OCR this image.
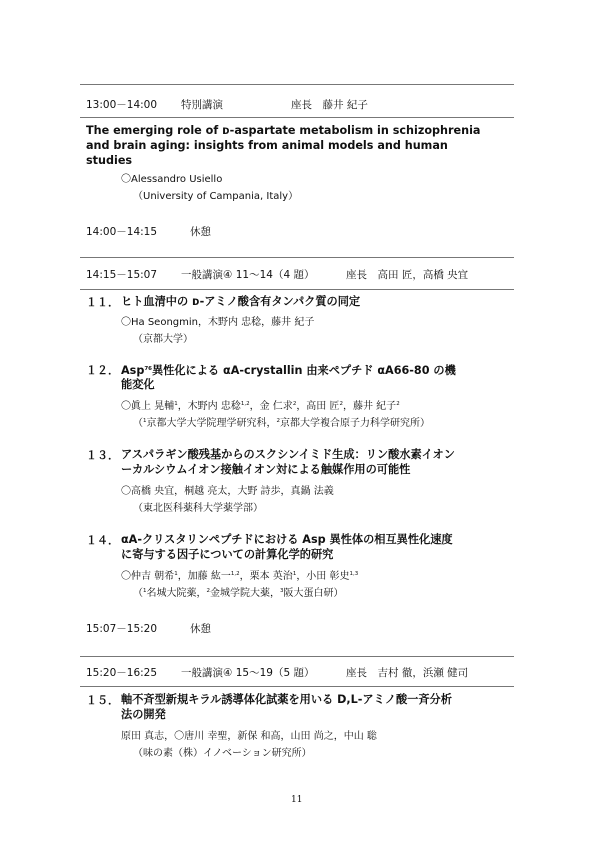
13:00－14:00 特別講演	座長　藤井 紀子
The emerging role of ᴅ-aspartate metabolism in schizophrenia
and brain aging: insights from animal models and human
studies
〇Alessandro Usiello
（University of Campania, Italy）
14:00－14:15	休憩
14:15－15:07 一般講演④ 11～14（4 題）	座長　高田 匠，高橋 央宜
１１． ヒト血清中の ᴅ-アミノ酸含有タンパク質の同定
〇Ha Seongmin，木野内 忠稔，藤井 紀子
（京都大学）
１２． Asp$^{76}$異性化による αA-crystallin 由来ペプチド αA66-80 の機
能変化
〇眞上 晃輔$^1$，木野内 忠稔$^{1,2}$，金 仁求$^2$，高田 匠$^2$，藤井 紀子$^2$
（$^1$京都大学大学院理学研究科，$^2$京都大学複合原子力科学研究所）
１３． アスパラギン酸残基からのスクシンイミド生成：リン酸水素イオン
ーカルシウムイオン接触イオン対による触媒作用の可能性
〇高橋 央宜，桐越 亮太，大野 詩歩，真鍋 法義
（東北医科薬科大学薬学部）
１４． αA-クリスタリンペプチドにおける Asp 異性体の相互異性化速度
に寄与する因子についての計算化学的研究
〇仲吉 朝希$^1$，加藤 紘一$^{1,2}$，栗本 英治$^1$，小田 彰史$^{1,3}$
（$^1$名城大院薬，$^2$金城学院大薬，$^3$阪大蛋白研）
15:07－15:20	休憩
15:20－16:25 一般講演④ 15～19（5 題）	座長　吉村 徹，浜瀬 健司
１５． 軸不斉型新規キラル誘導体化試薬を用いる D,L-アミノ酸一斉分析
法の開発
原田 真志，〇唐川 幸聖，新保 和高，山田 尚之，中山 聡
（味の素（株）イノベーション研究所）
11
